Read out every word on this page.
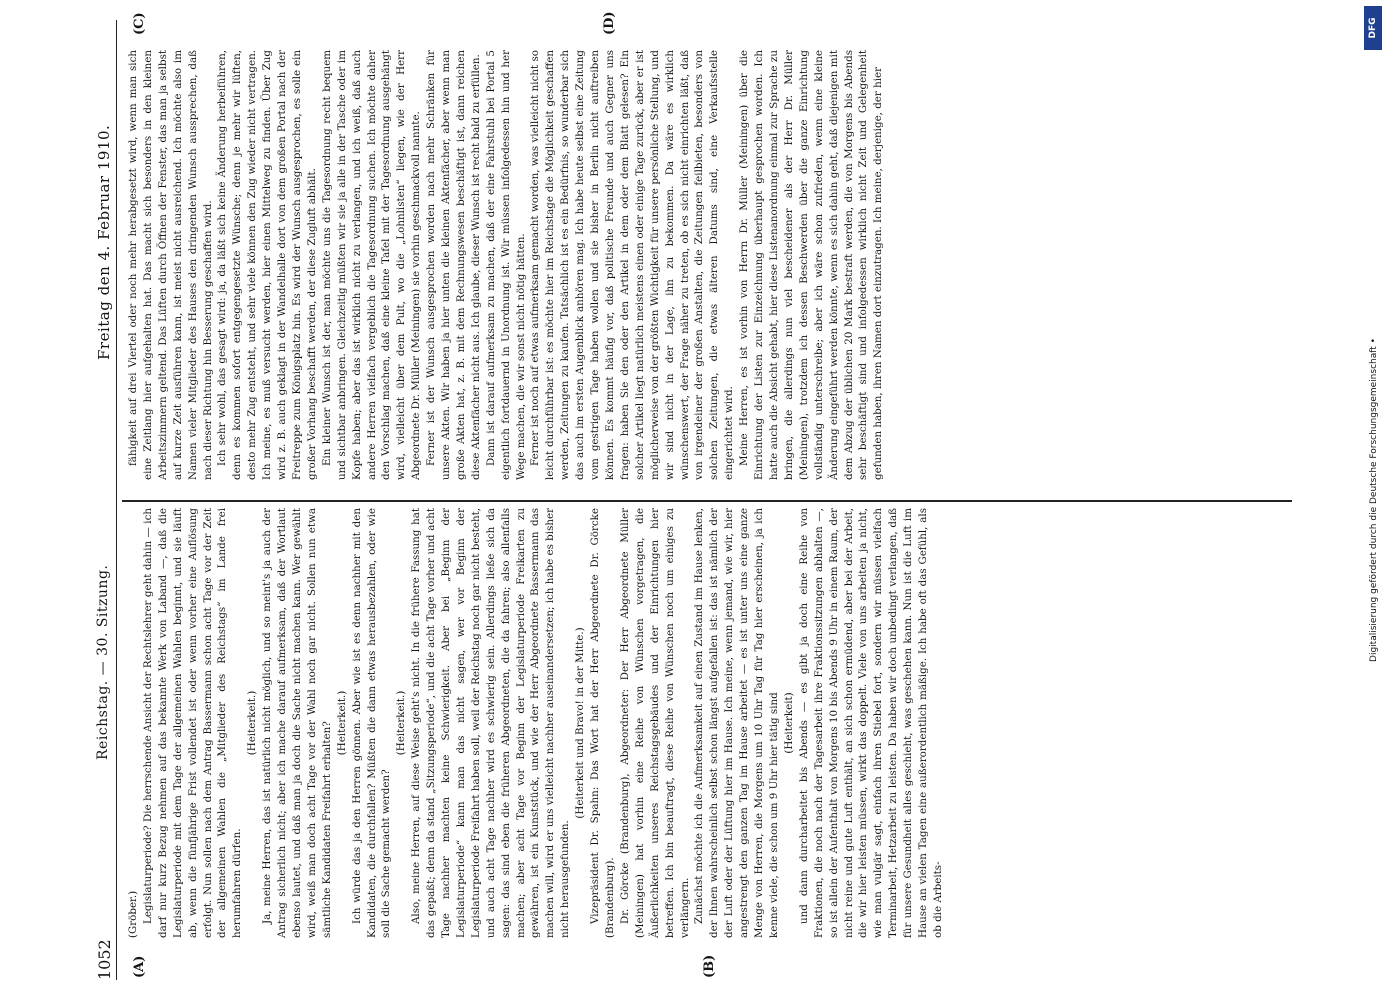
1052
Reichstag. — 30. Sitzung.
Freitag den 4. Februar 1910.
(A)	(B)
(C)	(D)

(Gröber.) Legislaturperiode? Die herrschende Ansicht der Rechtslehrer geht dahin — ich darf nur kurz Bezug nehmen auf das bekannte Werk von Laband —, daß die Legislaturperiode mit dem Tage der allgemeinen Wahlen beginnt, und sie läuft ab, wenn die fünfjährige Frist vollendet ist oder wenn vorher eine Auflösung erfolgt. Nun sollen nach dem Antrag Bassermann schon acht Tage vor der Zeit der allgemeinen Wahlen die „Mitglieder des Reichstags“ im Lande frei herumfahren dürfen.

(Heiterkeit.) Ja, meine Herren, das ist natürlich nicht möglich, und so meint's ja auch der Antrag sicherlich nicht; aber ich mache darauf aufmerksam, daß der Wortlaut ebenso lautet, und daß man ja doch die Sache nicht machen kann. Wer gewählt wird, weiß man doch acht Tage vor der Wahl noch gar nicht. Sollen nun etwa sämtliche Kandidaten Freifahrt erhalten? (Heiterkeit.) Ich würde das ja den Herren gönnen. Aber wie ist es denn nachher mit den Kandidaten, die durchfallen? Müßten die dann etwas herausbezahlen, oder wie soll die Sache gemacht werden?

(Heiterkeit.) Also, meine Herren, auf diese Weise geht's nicht. In die frühere Fassung hat das gepaßt; denn da stand „Sitzungsperiode“, und die acht Tage vorher und acht Tage nachher machten keine Schwierigkeit. Aber bei „Beginn der Legislaturperiode“ kann man das nicht sagen, wer vor Beginn der Legislaturperiode Freifahrt haben soll, weil der Reichstag noch gar nicht besteht, und auch acht Tage nachher wird es schwierig sein. Allerdings ließe sich da sagen: das sind eben die früheren Abgeordneten, die da fahren; also allenfalls machen; aber acht Tage vor Beginn der Legislaturperiode Freikarten zu gewähren, ist ein Kunststück, und wie der Herr Abgeordnete Bassermann das machen will, wird er uns vielleicht nachher auseinandersetzen; ich habe es bisher nicht herausgefunden.

(Heiterkeit und Bravo! in der Mitte.) Vizepräsident Dr. Spahn: Das Wort hat der Herr Abgeordnete Dr. Görcke (Brandenburg). Dr. Görcke (Brandenburg), Abgeordneter: Der Herr Abgeordnete Müller (Meiningen) hat vorhin eine Reihe von Wünschen vorgetragen, die Äußerlichkeiten unseres Reichstagsgebäudes und der Einrichtungen hier betreffen. Ich bin beauftragt, diese Reihe von Wünschen noch um einiges zu verlängern. Zunächst möchte ich die Aufmerksamkeit auf einen Zustand im Hause lenken, der Ihnen wahrscheinlich selbst schon längst aufgefallen ist: das ist nämlich der der Luft oder der Lüftung hier im Hause. Ich meine, wenn jemand, wie wir, hier angestrengt den ganzen Tag im Hause arbeitet — es ist unter uns eine ganze Menge von Herren, die Morgens um 10 Uhr Tag für Tag hier erscheinen, ja ich kenne viele, die schon um 9 Uhr hier tätig sind (Heiterkeit) und dann durcharbeitet bis Abends — es gibt ja doch eine Reihe von Fraktionen, die noch nach der Tagesarbeit ihre Fraktionssitzungen abhalten —, so ist allein der Aufenthalt von Morgens 10 bis Abends 9 Uhr in einem Raum, der nicht reine und gute Luft enthält, an sich schon ermüdend, aber bei der Arbeit, die wir hier leisten müssen, wirkt das doppelt. Viele von uns arbeiten ja nicht, wie man vulgär sagt, einfach ihren Stiebel fort, sondern wir müssen vielfach Terminarbeit, Hetzarbeit zu leisten. Da haben wir doch unbedingt verlangen, daß für unsere Gesundheit alles geschieht, was geschehen kann. Nun ist die Luft im Hause an vielen Tagen eine außerordentlich mäßige. Ich habe oft das Gefühl, als ob die Arbeits-

fähigkeit auf drei Viertel oder noch mehr herabgesetzt wird, wenn man sich eine Zeitlang hier aufgehalten hat. Das macht sich besonders in den kleinen Arbeitszimmern geltend. Das Lüften durch Öffnen der Fenster, das man ja selbst auf kurze Zeit ausführen kann, ist meist nicht ausreichend. Ich möchte also im Namen vieler Mitglieder des Hauses den dringenden Wunsch aussprechen, daß nach dieser Richtung hin Besserung geschaffen wird. Ich sehr wohl, das gesagt wird: ja, da läßt sich keine Änderung herbeiführen, denn es kommen sofort entgegengesetzte Wünsche; denn je mehr wir lüften, desto mehr Zug entsteht, und sehr viele können den Zug wieder nicht vertragen. Ich meine, es muß versucht werden, hier einen Mittelweg zu finden. Über Zug wird z. B. auch geklagt in der Wandelhalle dort von dem großen Portal nach der Freitreppe zum Königsplatz hin. Es wird der Wunsch ausgesprochen, es solle ein großer Vorhang beschafft werden, der diese Zugluft abhält. Ein kleiner Wunsch ist der, man möchte uns die Tagesordnung recht bequem und sichtbar anbringen. Gleichzeitig müßten wir sie ja alle in der Tasche oder im Kopfe haben; aber das ist wirklich nicht zu verlangen, und ich weiß, daß auch andere Herren vielfach vergeblich die Tagesordnung suchen. Ich möchte daher den Vorschlag machen, daß eine kleine Tafel mit der Tagesordnung ausgehängt wird, vielleicht über dem Pult, wo die „Lohnlisten“ liegen, wie der Herr Abgeordnete Dr. Müller (Meiningen) sie vorhin geschmackvoll nannte. Ferner ist der Wunsch ausgesprochen worden nach mehr Schränken für unsere Akten. Wir haben ja hier unten die kleinen Aktenfächer, aber wenn man große Akten hat, z. B. mit dem Rechnungswesen beschäftigt ist, dann reichen diese Aktenfächer nicht aus. Ich glaube, dieser Wunsch ist recht bald zu erfüllen. Dann ist darauf aufmerksam zu machen, daß der eine Fahrstuhl bei Portal 5 eigentlich fortdauernd in Unordnung ist. Wir müssen infolgedessen hin und her Wege machen, die wir sonst nicht nötig hätten. Ferner ist noch auf etwas aufmerksam gemacht worden, was vielleicht nicht so leicht durchführbar ist: es möchte hier im Reichstage die Möglichkeit geschaffen werden, Zeitungen zu kaufen. Tatsächlich ist es ein Bedürfnis, so wunderbar sich das auch im ersten Augenblick anhören mag. Ich habe heute selbst eine Zeitung vom gestrigen Tage haben wollen und sie bisher in Berlin nicht auftreiben können. Es kommt häufig vor, daß politische Freunde und auch Gegner uns fragen: haben Sie den oder den Artikel in dem oder dem Blatt gelesen? Ein solcher Artikel liegt natürlich meistens einen oder einige Tage zurück, aber er ist möglicherweise von der größten Wichtigkeit für unsere persönliche Stellung, und wir sind nicht in der Lage, ihn zu bekommen. Da wäre es wirklich wünschenswert, der Frage näher zu treten, ob es sich nicht einrichten läßt, daß von irgendeiner der großen Anstalten, die Zeitungen feilbieten, besonders von solchen Zeitungen, die etwas älteren Datums sind, eine Verkaufsstelle eingerichtet wird. Meine Herren, es ist vorhin von Herrn Dr. Müller (Meiningen) über die Einrichtung der Listen zur Einzeichnung überhaupt gesprochen worden. Ich hatte auch die Absicht gehabt, hier diese Listenanordnung einmal zur Sprache zu bringen, die allerdings nun viel bescheidener als der Herr Dr. Müller (Meiningen), trotzdem ich dessen Beschwerden über die ganze Einrichtung vollständig unterschreibe; aber ich wäre schon zufrieden, wenn eine kleine Änderung eingeführt werden könnte, wenn es sich dahin geht, daß diejenigen mit dem Abzug der üblichen 20 Mark bestraft werden, die von Morgens bis Abends sehr beschäftigt sind und infolgedessen wirklich nicht Zeit und Gelegenheit gefunden haben, ihren Namen dort einzutragen. Ich meine, derjenige, der hier

DFG
Digitalisierung gefördert durch die Deutsche Forschungsgemeinschaft •
